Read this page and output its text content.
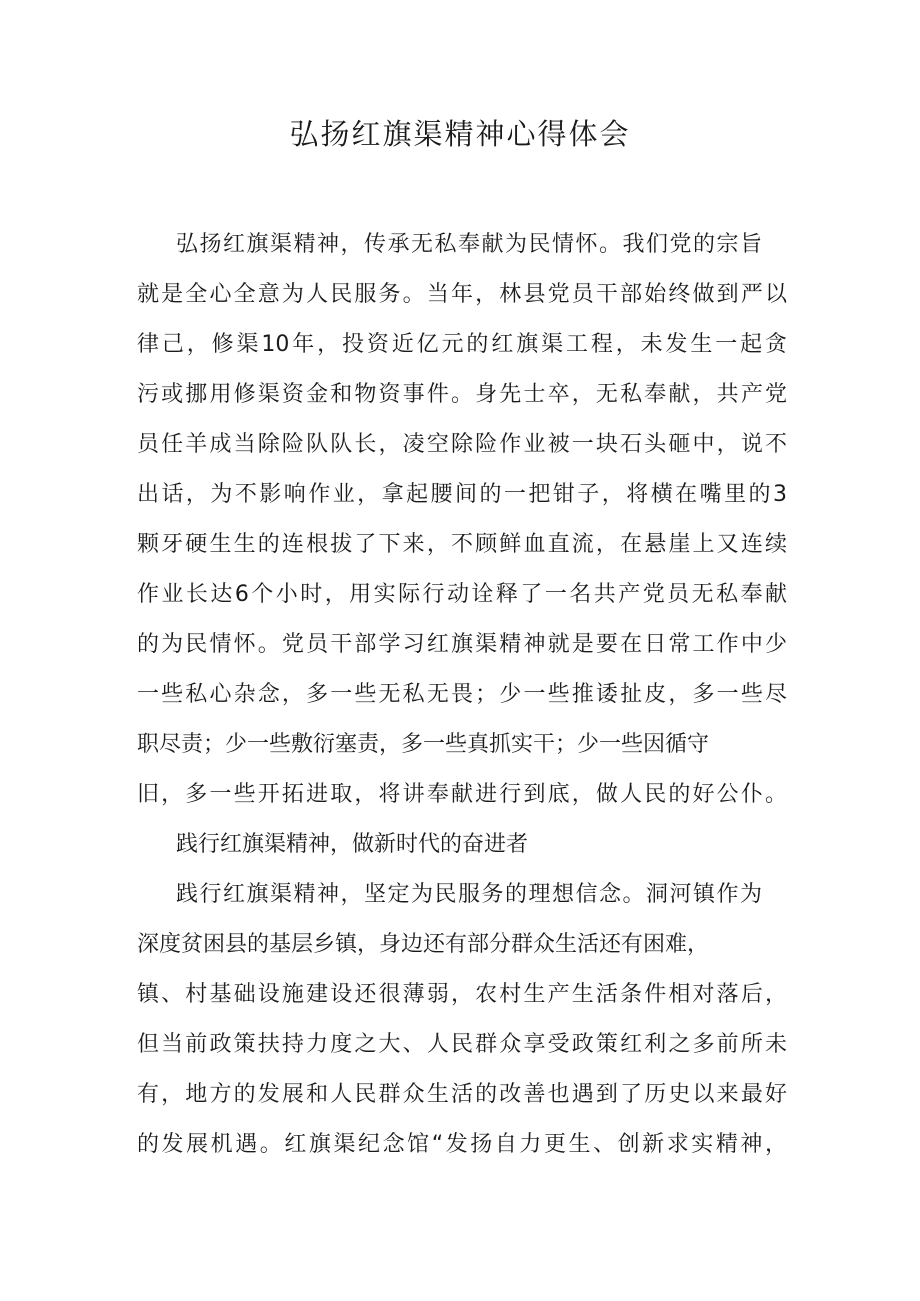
弘扬红旗渠精神心得体会
弘扬红旗渠精神，传承无私奉献为民情怀。我们党的宗旨
就是全心全意为人民服务。当年，林县党员干部始终做到严以
律己，修渠10年，投资近亿元的红旗渠工程，未发生一起贪
污或挪用修渠资金和物资事件。身先士卒，无私奉献，共产党
员任羊成当除险队队长，凌空除险作业被一块石头砸中，说不
出话，为不影响作业，拿起腰间的一把钳子，将横在嘴里的3
颗牙硬生生的连根拔了下来，不顾鲜血直流，在悬崖上又连续
作业长达6个小时，用实际行动诠释了一名共产党员无私奉献
的为民情怀。党员干部学习红旗渠精神就是要在日常工作中少
一些私心杂念，多一些无私无畏；少一些推诿扯皮，多一些尽
职尽责；少一些敷衍塞责，多一些真抓实干；少一些因循守
旧，多一些开拓进取，将讲奉献进行到底，做人民的好公仆。
践行红旗渠精神，做新时代的奋进者
践行红旗渠精神，坚定为民服务的理想信念。洞河镇作为
深度贫困县的基层乡镇，身边还有部分群众生活还有困难，
镇、村基础设施建设还很薄弱，农村生产生活条件相对落后，
但当前政策扶持力度之大、人民群众享受政策红利之多前所未
有，地方的发展和人民群众生活的改善也遇到了历史以来最好
的发展机遇。红旗渠纪念馆“发扬自力更生、创新求实精神，
